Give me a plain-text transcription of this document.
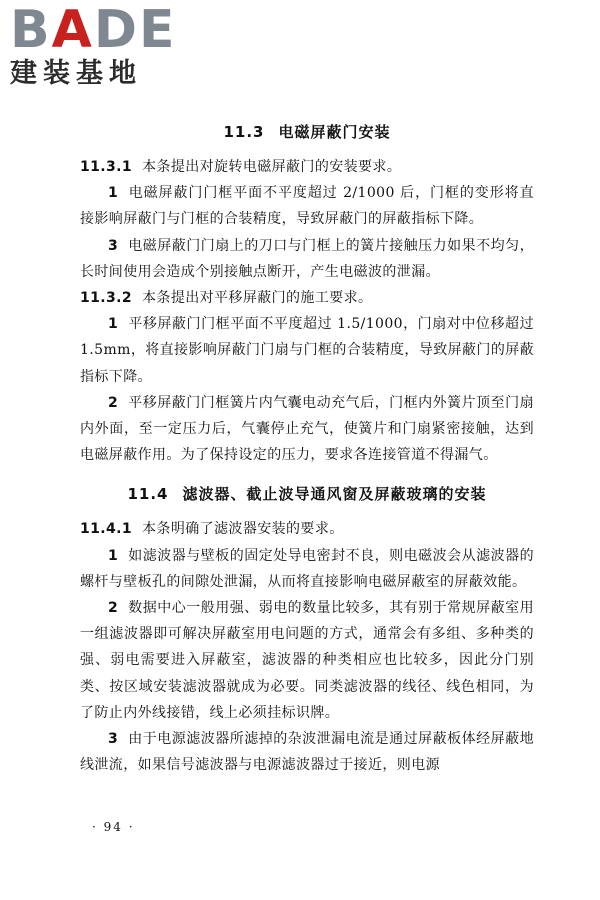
BADE
建装基地
11.3 电磁屏蔽门安装

11.3.1 本条提出对旋转电磁屏蔽门的安装要求。

1 电磁屏蔽门门框平面不平度超过 2/1000 后，门框的变形将直接影响屏蔽门与门框的合装精度，导致屏蔽门的屏蔽指标下降。

3 电磁屏蔽门门扇上的刀口与门框上的簧片接触压力如果不均匀，长时间使用会造成个别接触点断开，产生电磁波的泄漏。

11.3.2 本条提出对平移屏蔽门的施工要求。

1 平移屏蔽门门框平面不平度超过 1.5/1000，门扇对中位移超过 1.5mm，将直接影响屏蔽门门扇与门框的合装精度，导致屏蔽门的屏蔽指标下降。

2 平移屏蔽门门框簧片内气囊电动充气后，门框内外簧片顶至门扇内外面，至一定压力后，气囊停止充气，使簧片和门扇紧密接触，达到电磁屏蔽作用。为了保持设定的压力，要求各连接管道不得漏气。

11.4 滤波器、截止波导通风窗及屏蔽玻璃的安装

11.4.1 本条明确了滤波器安装的要求。

1 如滤波器与壁板的固定处导电密封不良，则电磁波会从滤波器的螺杆与壁板孔的间隙处泄漏，从而将直接影响电磁屏蔽室的屏蔽效能。

2 数据中心一般用强、弱电的数量比较多，其有别于常规屏蔽室用一组滤波器即可解决屏蔽室用电问题的方式，通常会有多组、多种类的强、弱电需要进入屏蔽室，滤波器的种类相应也比较多，因此分门别类、按区域安装滤波器就成为必要。同类滤波器的线径、线色相同，为了防止内外线接错，线上必须挂标识牌。

3 由于电源滤波器所滤掉的杂波泄漏电流是通过屏蔽板体经屏蔽地线泄流，如果信号滤波器与电源滤波器过于接近，则电源

· 94 ·
